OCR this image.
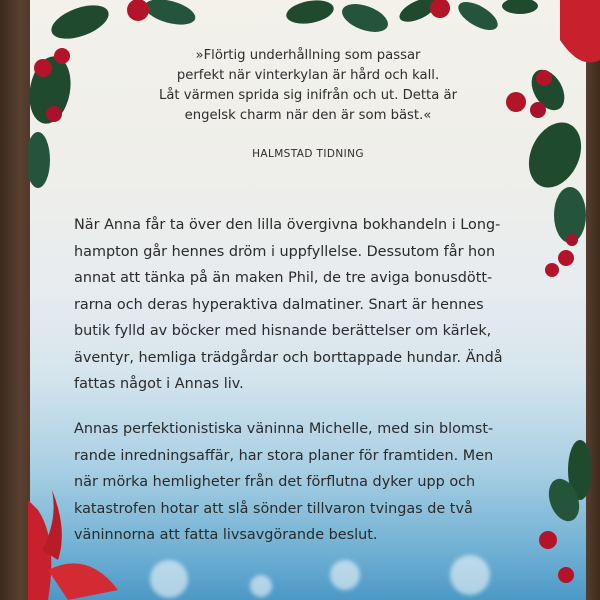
»Flörtig underhållning som passar
perfekt när vinterkylan är hård och kall.
Låt värmen sprida sig inifrån och ut. Detta är
engelsk charm när den är som bäst.«
HALMSTAD TIDNING
När Anna får ta över den lilla övergivna bokhandeln i Long-
hampton går hennes dröm i uppfyllelse. Dessutom får hon
annat att tänka på än maken Phil, de tre aviga bonusdött-
rarna och deras hyperaktiva dalmatiner. Snart är hennes
butik fylld av böcker med hisnande berättelser om kärlek,
äventyr, hemliga trädgårdar och borttappade hundar. Ändå
fattas något i Annas liv.
Annas perfektionistiska väninna Michelle, med sin blomst-
rande inredningsaffär, har stora planer för framtiden. Men
när mörka hemligheter från det förflutna dyker upp och
katastrofen hotar att slå sönder tillvaron tvingas de två
väninnorna att fatta livsavgörande beslut.
